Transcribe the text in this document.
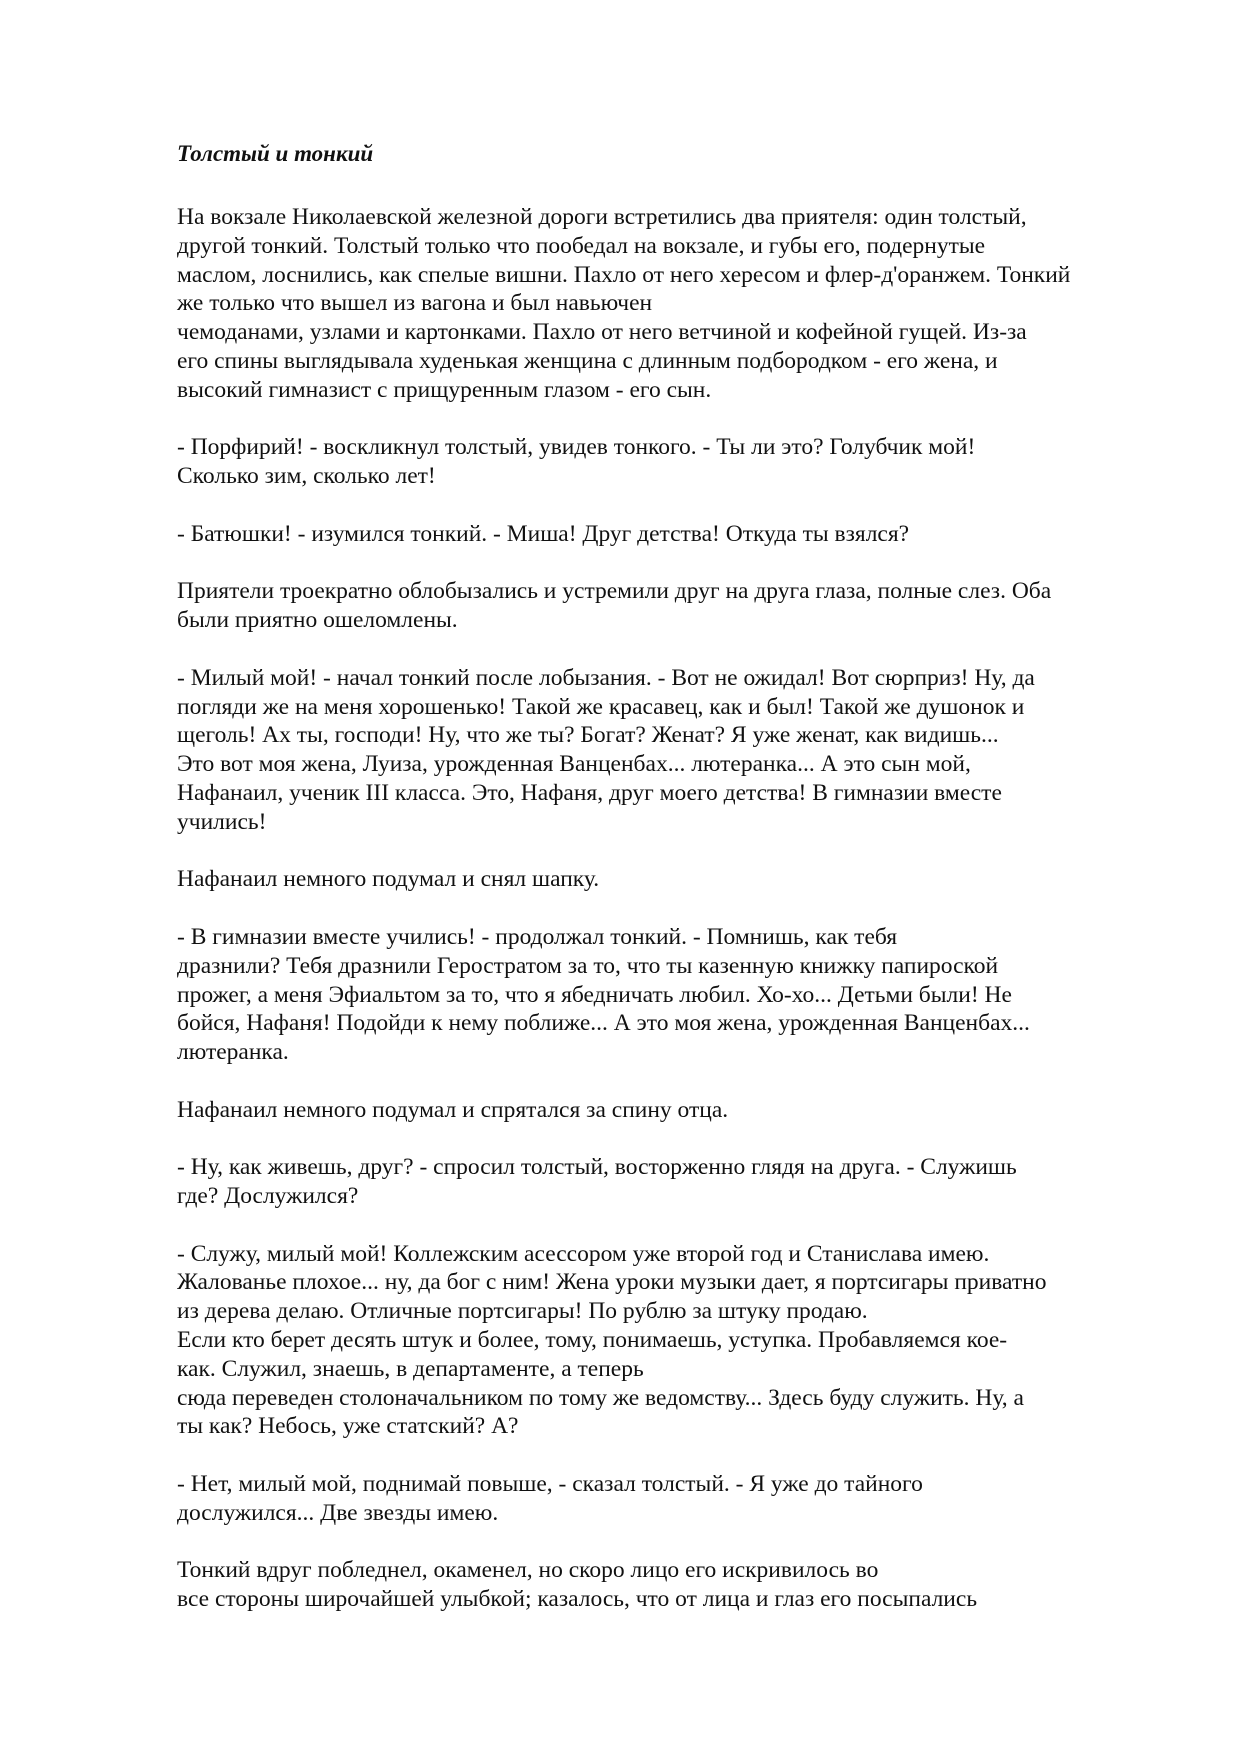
Толстый и тонкий

На вокзале Николаевской железной дороги встретились два приятеля: один толстый,
другой тонкий. Толстый только что пообедал на вокзале, и губы его, подернутые
маслом, лоснились, как спелые вишни. Пахло от него хересом и флер-д'оранжем. Тонкий
же только что вышел из вагона и был навьючен
чемоданами, узлами и картонками. Пахло от него ветчиной и кофейной гущей. Из-за
его спины выглядывала худенькая женщина с длинным подбородком - его жена, и
высокий гимназист с прищуренным глазом - его сын.

- Порфирий! - воскликнул толстый, увидев тонкого. - Ты ли это? Голубчик мой!
Сколько зим, сколько лет!

- Батюшки! - изумился тонкий. - Миша! Друг детства! Откуда ты взялся?

Приятели троекратно облобызались и устремили друг на друга глаза, полные слез. Оба
были приятно ошеломлены.

- Милый мой! - начал тонкий после лобызания. - Вот не ожидал! Вот сюрприз! Ну, да
погляди же на меня хорошенько! Такой же красавец, как и был! Такой же душонок и
щеголь! Ах ты, господи! Ну, что же ты? Богат? Женат? Я уже женат, как видишь...
Это вот моя жена, Луиза, урожденная Ванценбах... лютеранка... А это сын мой,
Нафанаил, ученик III класса. Это, Нафаня, друг моего детства! В гимназии вместе
учились!

Нафанаил немного подумал и снял шапку.

- В гимназии вместе учились! - продолжал тонкий. - Помнишь, как тебя
дразнили? Тебя дразнили Геростратом за то, что ты казенную книжку папироской
прожег, а меня Эфиальтом за то, что я ябедничать любил. Хо-хо... Детьми были! Не
бойся, Нафаня! Подойди к нему поближе... А это моя жена, урожденная Ванценбах...
лютеранка.

Нафанаил немного подумал и спрятался за спину отца.

- Ну, как живешь, друг? - спросил толстый, восторженно глядя на друга. - Служишь
где? Дослужился?

- Служу, милый мой! Коллежским асессором уже второй год и Станислава имею.
Жалованье плохое... ну, да бог с ним! Жена уроки музыки дает, я портсигары приватно
из дерева делаю. Отличные портсигары! По рублю за штуку продаю.
Если кто берет десять штук и более, тому, понимаешь, уступка. Пробавляемся кое-
как. Служил, знаешь, в департаменте, а теперь
сюда переведен столоначальником по тому же ведомству... Здесь буду служить. Ну, а
ты как? Небось, уже статский? А?

- Нет, милый мой, поднимай повыше, - сказал толстый. - Я уже до тайного
дослужился... Две звезды имею.

Тонкий вдруг побледнел, окаменел, но скоро лицо его искривилось во
все стороны широчайшей улыбкой; казалось, что от лица и глаз его посыпались
